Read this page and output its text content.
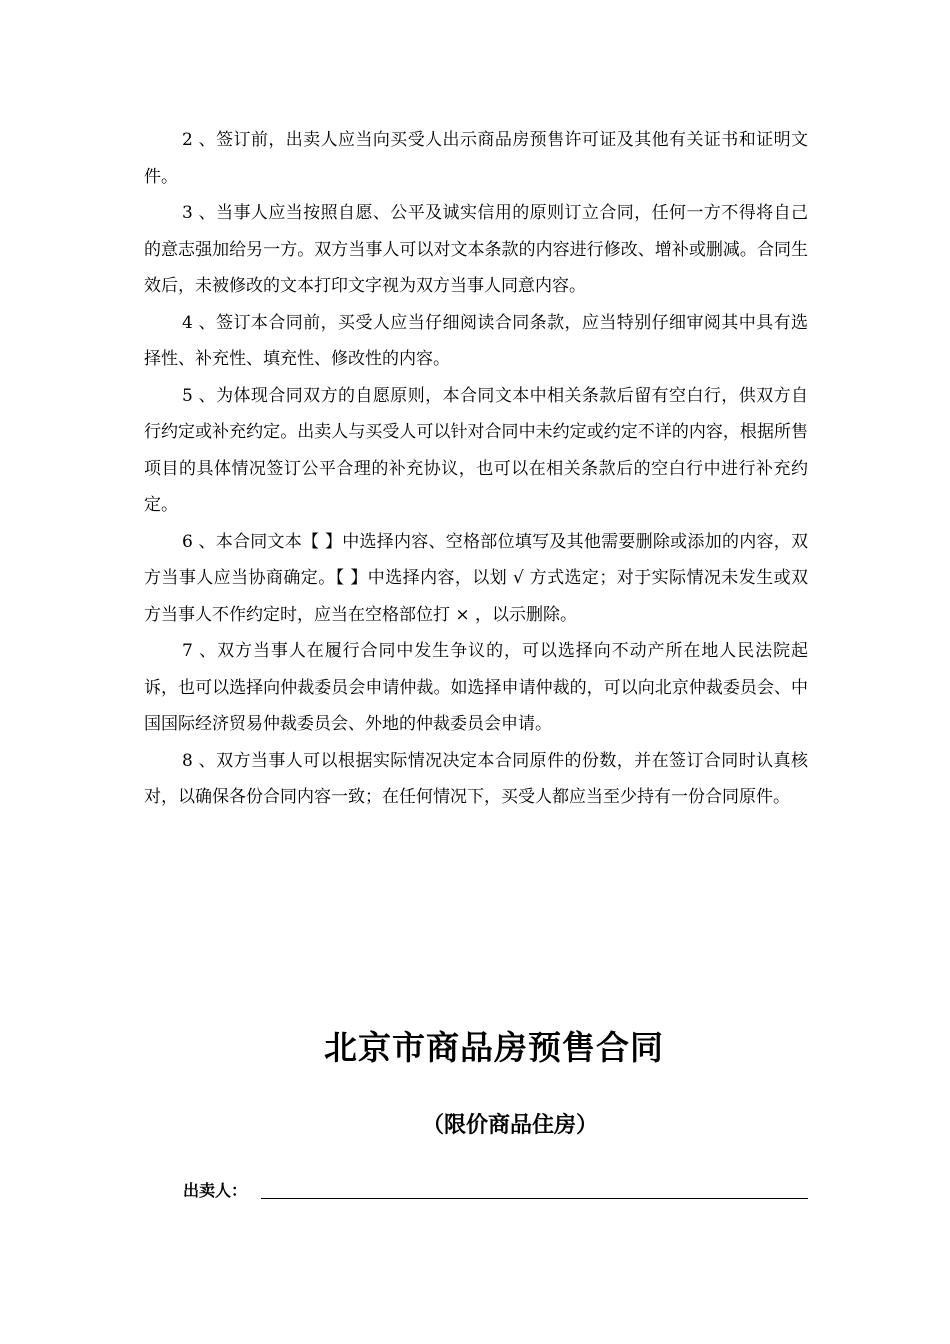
2 、签订前，出卖人应当向买受人出示商品房预售许可证及其他有关证书和证明文件。

3 、当事人应当按照自愿、公平及诚实信用的原则订立合同，任何一方不得将自己的意志强加给另一方。双方当事人可以对文本条款的内容进行修改、增补或删减。合同生效后，未被修改的文本打印文字视为双方当事人同意内容。

4 、签订本合同前，买受人应当仔细阅读合同条款，应当特别仔细审阅其中具有选择性、补充性、填充性、修改性的内容。

5 、为体现合同双方的自愿原则，本合同文本中相关条款后留有空白行，供双方自行约定或补充约定。出卖人与买受人可以针对合同中未约定或约定不详的内容，根据所售项目的具体情况签订公平合理的补充协议，也可以在相关条款后的空白行中进行补充约定。

6 、本合同文本【 】中选择内容、空格部位填写及其他需要删除或添加的内容，双方当事人应当协商确定。【 】中选择内容，以划 √ 方式选定；对于实际情况未发生或双方当事人不作约定时，应当在空格部位打 × ，以示删除。

7 、双方当事人在履行合同中发生争议的，可以选择向不动产所在地人民法院起诉，也可以选择向仲裁委员会申请仲裁。如选择申请仲裁的，可以向北京仲裁委员会、中国国际经济贸易仲裁委员会、外地的仲裁委员会申请。

8 、双方当事人可以根据实际情况决定本合同原件的份数，并在签订合同时认真核对，以确保各份合同内容一致；在任何情况下，买受人都应当至少持有一份合同原件。

北京市商品房预售合同
（限价商品住房）
出卖人：
